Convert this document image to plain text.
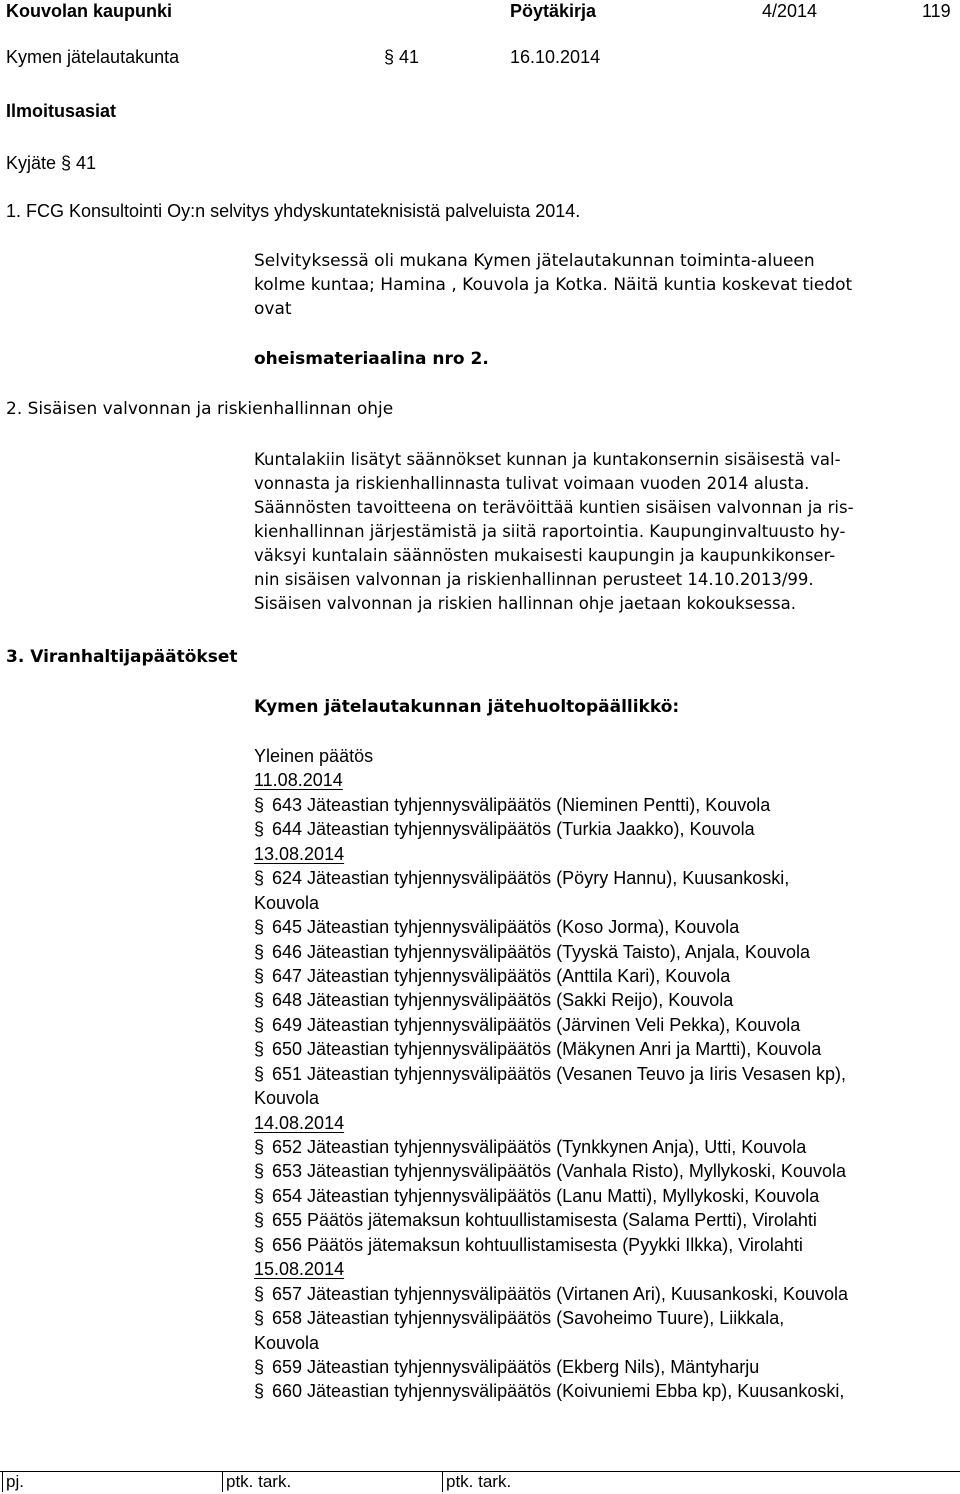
Kouvolan kaupunki	Pöytäkirja	4/2014	119
Kymen jätelautakunta	§ 41	16.10.2014
Ilmoitusasiat
Kyjäte § 41
1. FCG Konsultointi Oy:n selvitys yhdyskuntateknisistä palveluista 2014.
Selvityksessä oli mukana Kymen jätelautakunnan toiminta-alueen
kolme kuntaa; Hamina , Kouvola ja Kotka. Näitä kuntia koskevat tiedot
ovat
oheismateriaalina nro 2.
2. Sisäisen valvonnan ja riskienhallinnan ohje
Kuntalakiin lisätyt säännökset kunnan ja kuntakonsernin sisäisestä val-
vonnasta ja riskienhallinnasta tulivat voimaan vuoden 2014 alusta.
Säännösten tavoitteena on terävöittää kuntien sisäisen valvonnan ja ris-
kienhallinnan järjestämistä ja siitä raportointia. Kaupunginvaltuusto hy-
väksyi kuntalain säännösten mukaisesti kaupungin ja kaupunkikonser-
nin sisäisen valvonnan ja riskienhallinnan perusteet 14.10.2013/99.
Sisäisen valvonnan ja riskien hallinnan ohje jaetaan kokouksessa.
3. Viranhaltijapäätökset
Kymen jätelautakunnan jätehuoltopäällikkö:
Yleinen päätös
11.08.2014
§ 643 Jäteastian tyhjennysvälipäätös (Nieminen Pentti), Kouvola
§ 644 Jäteastian tyhjennysvälipäätös (Turkia Jaakko), Kouvola
13.08.2014
§ 624 Jäteastian tyhjennysvälipäätös (Pöyry Hannu), Kuusankoski,
Kouvola
§ 645 Jäteastian tyhjennysvälipäätös (Koso Jorma), Kouvola
§ 646 Jäteastian tyhjennysvälipäätös (Tyyskä Taisto), Anjala, Kouvola
§ 647 Jäteastian tyhjennysvälipäätös (Anttila Kari), Kouvola
§ 648 Jäteastian tyhjennysvälipäätös (Sakki Reijo), Kouvola
§ 649 Jäteastian tyhjennysvälipäätös (Järvinen Veli Pekka), Kouvola
§ 650 Jäteastian tyhjennysvälipäätös (Mäkynen Anri ja Martti), Kouvola
§ 651 Jäteastian tyhjennysvälipäätös (Vesanen Teuvo ja Iiris Vesasen kp),
Kouvola
14.08.2014
§ 652 Jäteastian tyhjennysvälipäätös (Tynkkynen Anja), Utti, Kouvola
§ 653 Jäteastian tyhjennysvälipäätös (Vanhala Risto), Myllykoski, Kouvola
§ 654 Jäteastian tyhjennysvälipäätös (Lanu Matti), Myllykoski, Kouvola
§ 655 Päätös jätemaksun kohtuullistamisesta (Salama Pertti), Virolahti
§ 656 Päätös jätemaksun kohtuullistamisesta (Pyykki Ilkka), Virolahti
15.08.2014
§ 657 Jäteastian tyhjennysvälipäätös (Virtanen Ari), Kuusankoski, Kouvola
§ 658 Jäteastian tyhjennysvälipäätös (Savoheimo Tuure), Liikkala,
Kouvola
§ 659 Jäteastian tyhjennysvälipäätös (Ekberg Nils), Mäntyharju
§ 660 Jäteastian tyhjennysvälipäätös (Koivuniemi Ebba kp), Kuusankoski,
pj.	ptk. tark.	ptk. tark.
